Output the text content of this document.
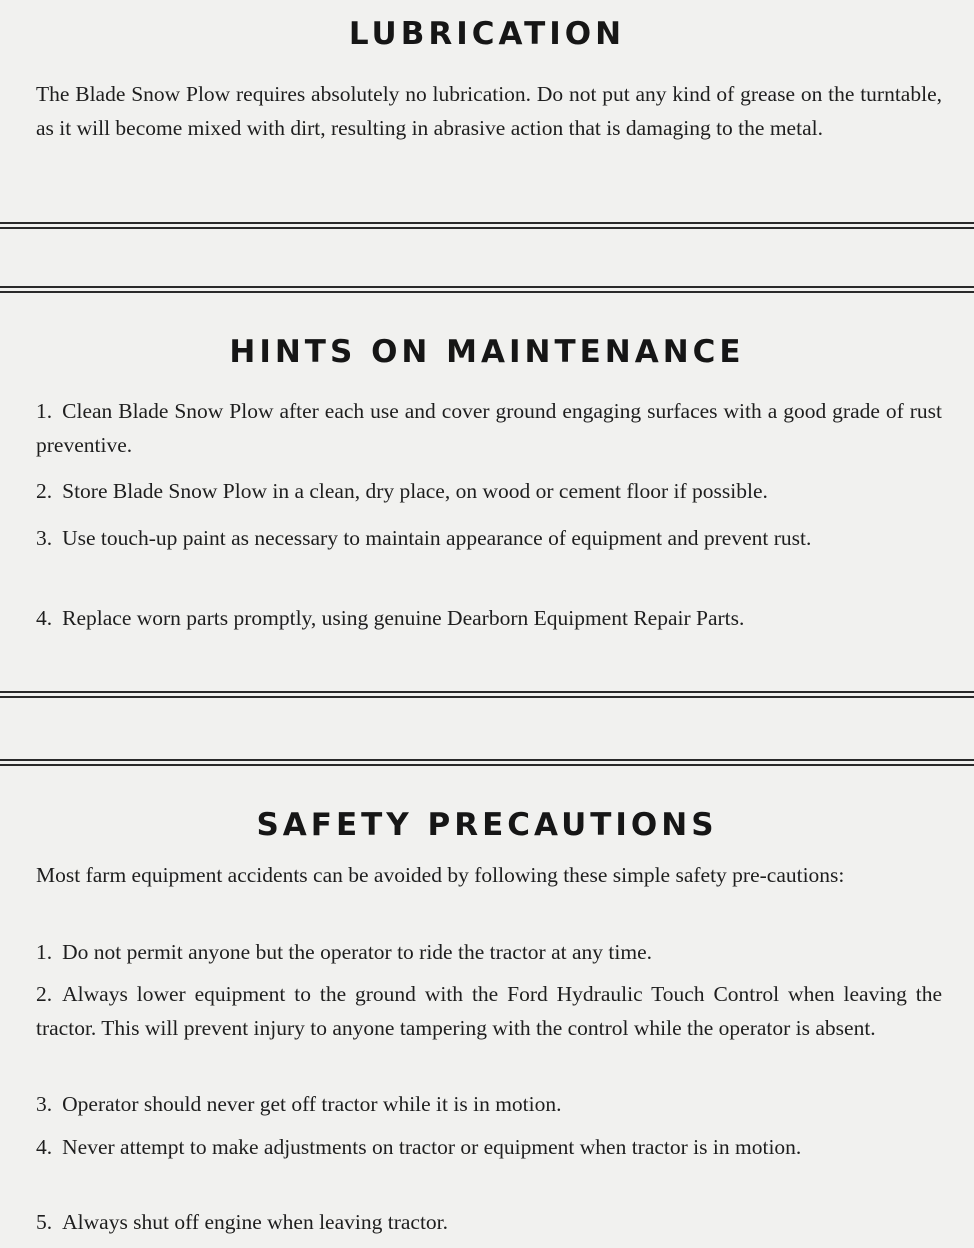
LUBRICATION
The Blade Snow Plow requires absolutely no lubrication. Do not put any kind of grease on the turntable, as it will become mixed with dirt, resulting in abrasive action that is damaging to the metal.
HINTS ON MAINTENANCE
1. Clean Blade Snow Plow after each use and cover ground engaging surfaces with a good grade of rust preventive.
2. Store Blade Snow Plow in a clean, dry place, on wood or cement floor if possible.
3. Use touch-up paint as necessary to maintain appearance of equipment and prevent rust.
4. Replace worn parts promptly, using genuine Dearborn Equipment Repair Parts.
SAFETY PRECAUTIONS
Most farm equipment accidents can be avoided by following these simple safety pre-cautions:
1. Do not permit anyone but the operator to ride the tractor at any time.
2. Always lower equipment to the ground with the Ford Hydraulic Touch Control when leaving the tractor. This will prevent injury to anyone tampering with the control while the operator is absent.
3. Operator should never get off tractor while it is in motion.
4. Never attempt to make adjustments on tractor or equipment when tractor is in motion.
5. Always shut off engine when leaving tractor.
